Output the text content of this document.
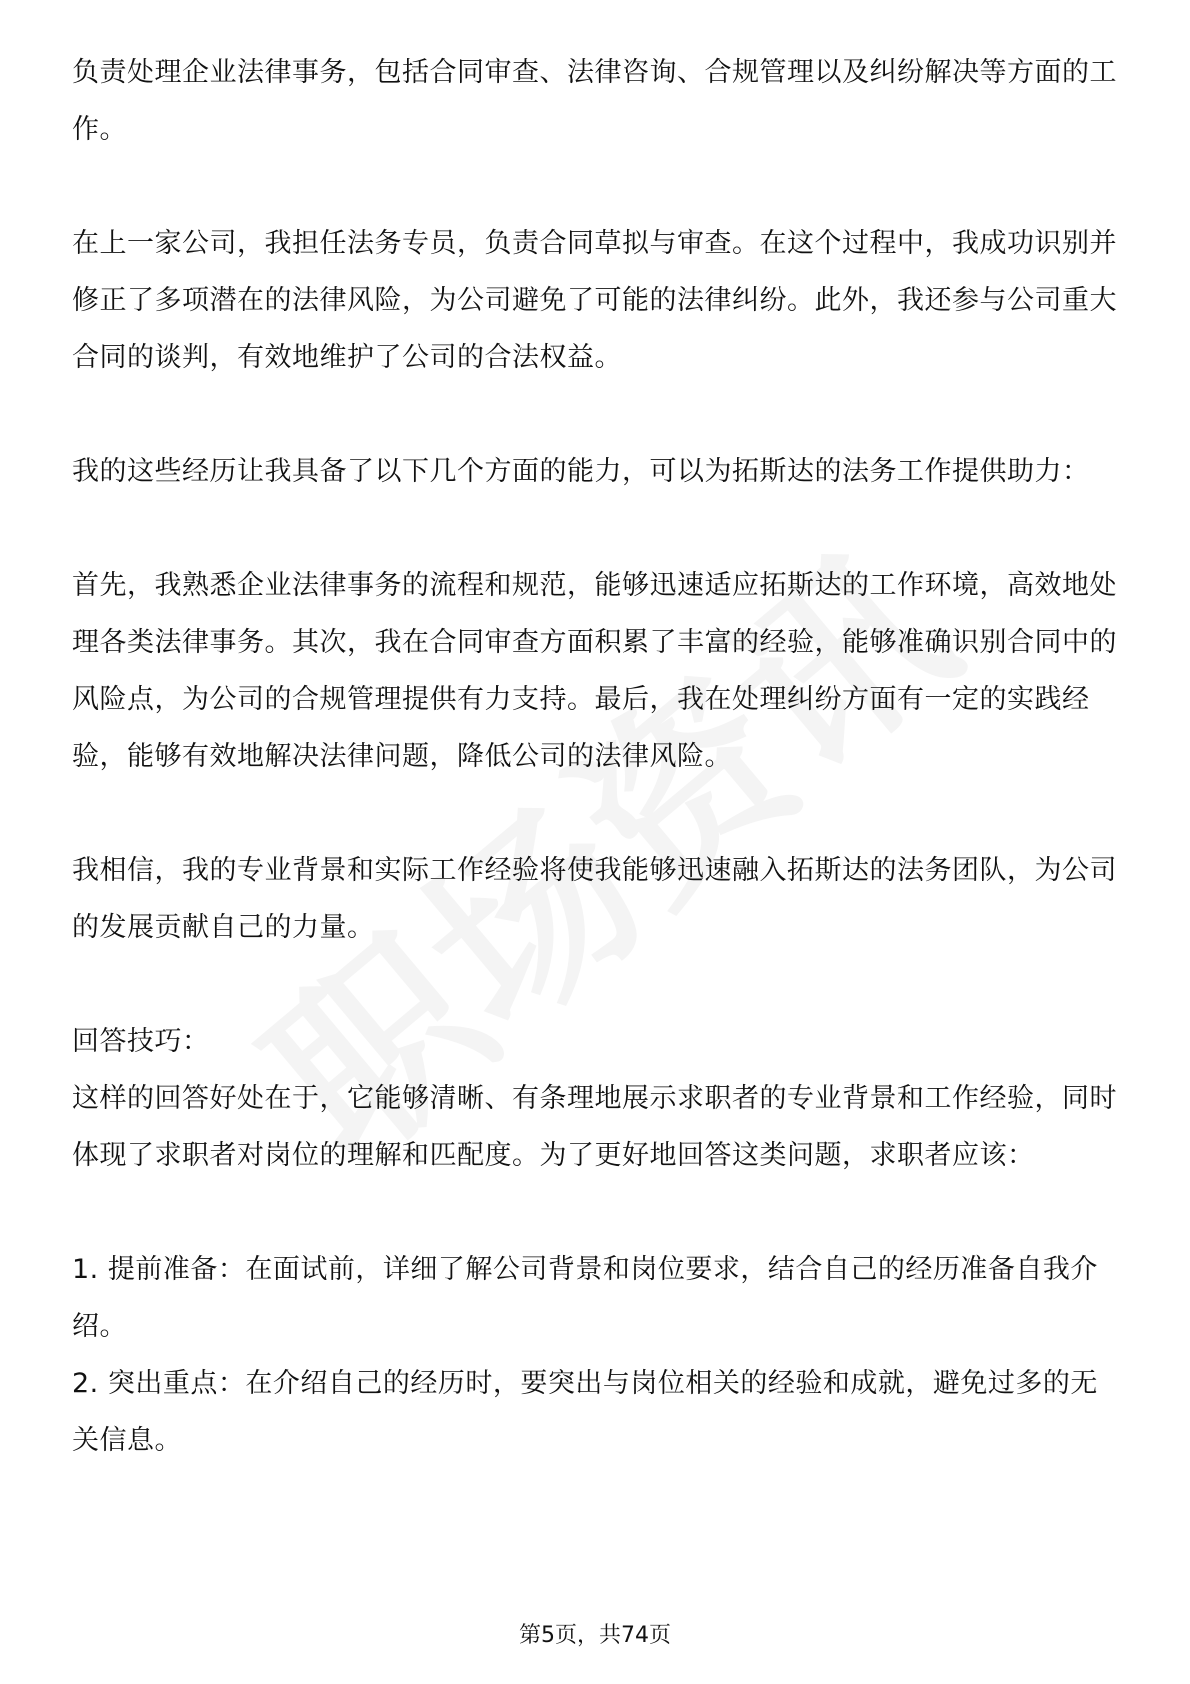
负责处理企业法律事务，包括合同审查、法律咨询、合规管理以及纠纷解决等方面的工作。

在上一家公司，我担任法务专员，负责合同草拟与审查。在这个过程中，我成功识别并修正了多项潜在的法律风险，为公司避免了可能的法律纠纷。此外，我还参与公司重大合同的谈判，有效地维护了公司的合法权益。

我的这些经历让我具备了以下几个方面的能力，可以为拓斯达的法务工作提供助力：

首先，我熟悉企业法律事务的流程和规范，能够迅速适应拓斯达的工作环境，高效地处理各类法律事务。其次，我在合同审查方面积累了丰富的经验，能够准确识别合同中的风险点，为公司的合规管理提供有力支持。最后，我在处理纠纷方面有一定的实践经验，能够有效地解决法律问题，降低公司的法律风险。

我相信，我的专业背景和实际工作经验将使我能够迅速融入拓斯达的法务团队，为公司的发展贡献自己的力量。

回答技巧：

这样的回答好处在于，它能够清晰、有条理地展示求职者的专业背景和工作经验，同时体现了求职者对岗位的理解和匹配度。为了更好地回答这类问题，求职者应该：

1. 提前准备：在面试前，详细了解公司背景和岗位要求，结合自己的经历准备自我介绍。

2. 突出重点：在介绍自己的经历时，要突出与岗位相关的经验和成就，避免过多的无关信息。

第5页，共74页
